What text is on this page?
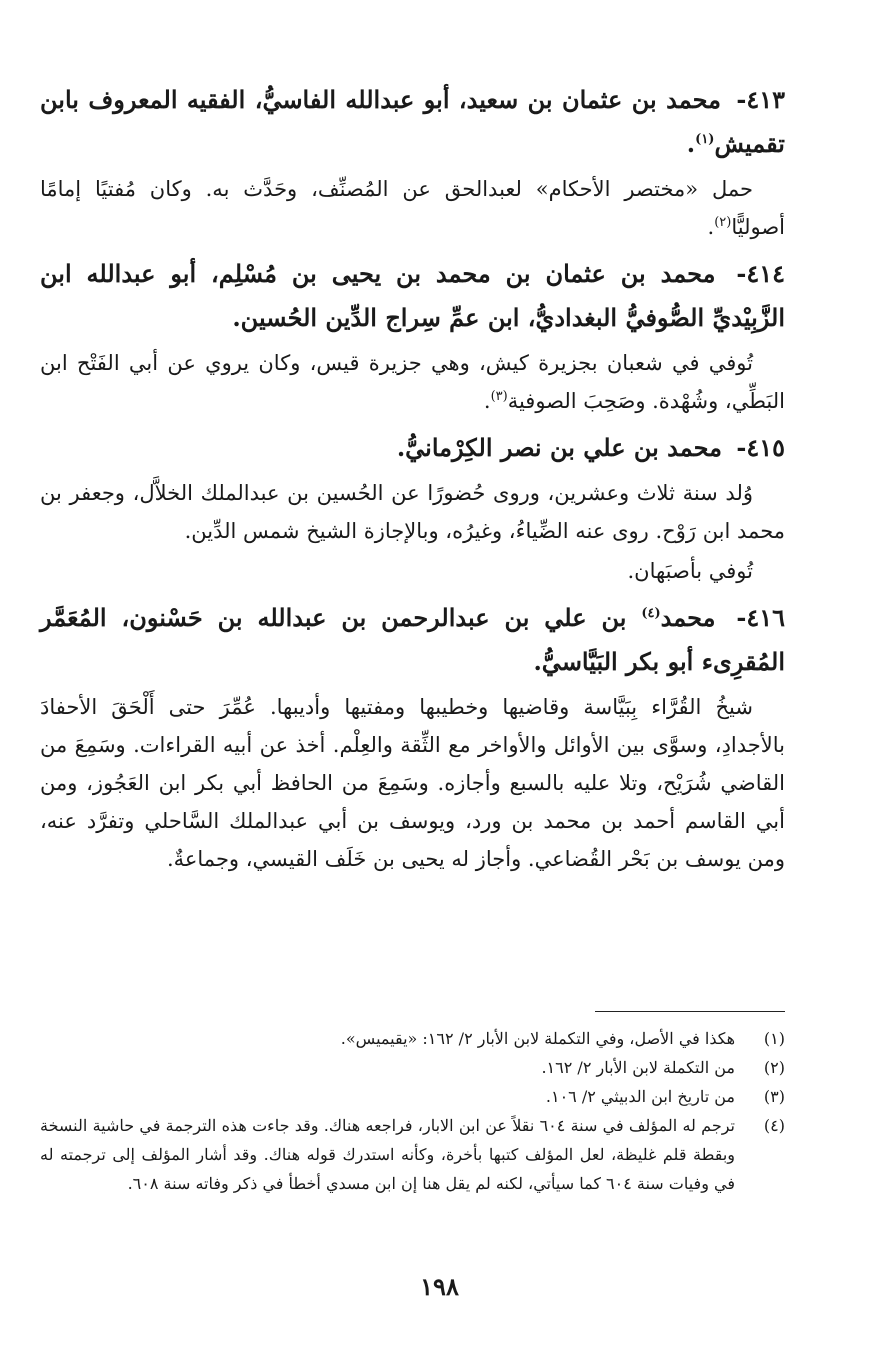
٤١٣- محمد بن عثمان بن سعيد، أبو عبدالله الفاسيُّ، الفقيه المعروف بابن تقميش$^{(١)}$.

حمل «مختصر الأحكام» لعبدالحق عن المُصنِّف، وحَدَّث به. وكان مُفتيًا إمامًا أصوليًّا$^{(٢)}$.

٤١٤- محمد بن عثمان بن محمد بن يحيى بن مُسْلِم، أبو عبدالله ابن الزَّبِيْديِّ الصُّوفيُّ البغداديُّ، ابن عمِّ سِراج الدِّين الحُسين.

تُوفي في شعبان بجزيرة كيش، وهي جزيرة قيس، وكان يروي عن أبي الفَتْح ابن البَطِّي، وشُهْدة. وصَحِبَ الصوفية$^{(٣)}$.

٤١٥- محمد بن علي بن نصر الكِرْمانيُّ.

وُلد سنة ثلاث وعشرين، وروى حُضورًا عن الحُسين بن عبدالملك الخلاَّل، وجعفر بن محمد ابن رَوْح. روى عنه الضِّياءُ، وغيرُه، وبالإجازة الشيخ شمس الدِّين.

تُوفي بأصبَهان.

٤١٦- محمد$^{(٤)}$ بن علي بن عبدالرحمن بن عبدالله بن حَسْنون، المُعَمَّر المُقرِىء أبو بكر البَيَّاسيُّ.

شيخُ القُرَّاء بِبَيَّاسة وقاضيها وخطيبها ومفتيها وأديبها. عُمِّرَ حتى أَلْحَقَ الأحفادَ بالأجدادِ، وسوَّى بين الأوائل والأواخر مع الثِّقة والعِلْم. أخذ عن أبيه القراءات. وسَمِعَ من القاضي شُرَيْح، وتلا عليه بالسبع وأجازه. وسَمِعَ من الحافظ أبي بكر ابن العَجُوز، ومن أبي القاسم أحمد بن محمد بن ورد، ويوسف بن أبي عبدالملك السَّاحلي وتفرَّد عنه، ومن يوسف بن بَحْر القُضاعي. وأجاز له يحيى بن خَلَف القيسي، وجماعةٌ.

(١)
هكذا في الأصل، وفي التكملة لابن الأبار ٢/ ١٦٢: «يقيميس».
(٢)
من التكملة لابن الأبار ٢/ ١٦٢.
(٣)
من تاريخ ابن الدبيثي ٢/ ١٠٦.
(٤)
ترجم له المؤلف في سنة ٦٠٤ نقلاً عن ابن الابار، فراجعه هناك. وقد جاءت هذه الترجمة في حاشية النسخة وبقطة قلم غليظة، لعل المؤلف كتبها بأخرة، وكأنه استدرك قوله هناك. وقد أشار المؤلف إلى ترجمته له في وفيات سنة ٦٠٤ كما سيأتي، لكنه لم يقل هنا إن ابن مسدي أخطأ في ذكر وفاته سنة ٦٠٨.
١٩٨
